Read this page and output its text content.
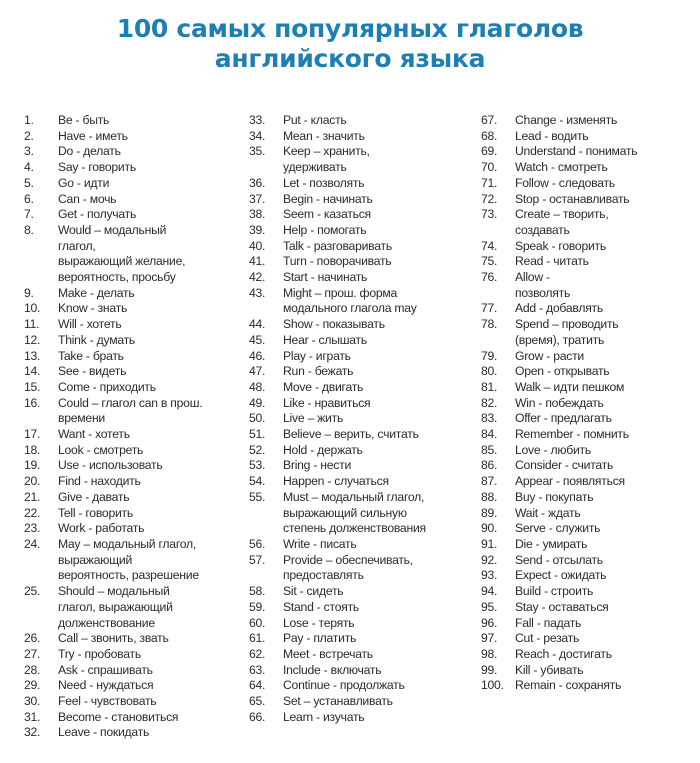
100 самых популярных глаголов
английского языка
1.	Be - быть
2.	Have - иметь
3.	Do - делать
4.	Say - говорить
5.	Go - идти
6.	Can - мочь
7.	Get - получать
8.	Would – модальный
глагол,
выражающий желание,
вероятность, просьбу
9.	Make - делать
10.	Know - знать
11.	Will - хотеть
12.	Think - думать
13.	Take - брать
14.	See - видеть
15.	Come - приходить
16.	Could – глагол can в прош.
времени
17.	Want - хотеть
18.	Look - смотреть
19.	Use - использовать
20.	Find - находить
21.	Give - давать
22.	Tell - говорить
23.	Work - работать
24.	May – модальный глагол,
выражающий
вероятность, разрешение
25.	Should – модальный
глагол, выражающий
долженствование
26.	Call – звонить, звать
27.	Try - пробовать
28.	Ask - спрашивать
29.	Need - нуждаться
30.	Feel - чувствовать
31.	Become - становиться
32.	Leave - покидать
33.	Put - класть
34.	Mean - значить
35.	Keep – хранить,
удерживать
36.	Let - позволять
37.	Begin - начинать
38.	Seem - казаться
39.	Help - помогать
40.	Talk - разговаривать
41.	Turn - поворачивать
42.	Start - начинать
43.	Might – прош. форма
модального глагола may
44.	Show - показывать
45.	Hear - слышать
46.	Play - играть
47.	Run - бежать
48.	Move - двигать
49.	Like - нравиться
50.	Live – жить
51.	Believe – верить, считать
52.	Hold - держать
53.	Bring - нести
54.	Happen - случаться
55.	Must – модальный глагол,
выражающий сильную
степень долженствования
56.	Write - писать
57.	Provide – обеспечивать,
предоставлять
58.	Sit - сидеть
59.	Stand - стоять
60.	Lose - терять
61.	Pay - платить
62.	Meet - встречать
63.	Include - включать
64.	Continue - продолжать
65.	Set – устанавливать
66.	Learn - изучать
67.	Change - изменять
68.	Lead - водить
69.	Understand - понимать
70.	Watch - смотреть
71.	Follow - следовать
72.	Stop - останавливать
73.	Create – творить,
создавать
74.	Speak - говорить
75.	Read - читать
76.	Allow -
позволять
77.	Add - добавлять
78.	Spend – проводить
(время), тратить
79.	Grow - расти
80.	Open - открывать
81.	Walk – идти пешком
82.	Win - побеждать
83.	Offer - предлагать
84.	Remember - помнить
85.	Love - любить
86.	Consider - считать
87.	Appear - появляться
88.	Buy - покупать
89.	Wait - ждать
90.	Serve - служить
91.	Die - умирать
92.	Send - отсылать
93.	Expect - ожидать
94.	Build - строить
95.	Stay - оставаться
96.	Fall - падать
97.	Cut - резать
98.	Reach - достигать
99.	Kill - убивать
100. Remain - сохранять
